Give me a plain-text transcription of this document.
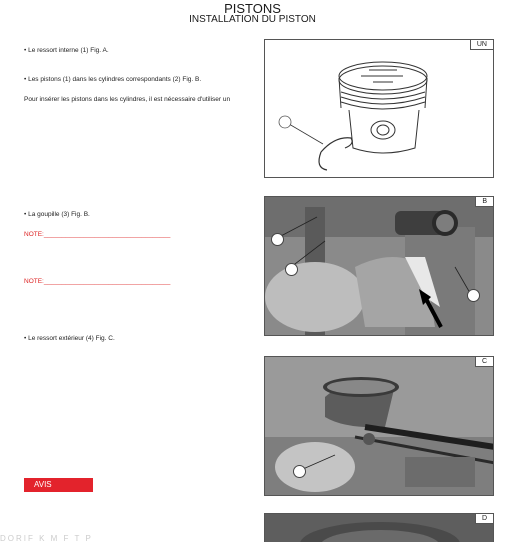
PISTONS
INSTALLATION DU PISTON
• Le ressort interne (1) Fig. A.
• Les pistons (1) dans les cylindres correspondants (2) Fig. B.
Pour insérer les pistons dans les cylindres, il est nécessaire d'utiliser un
• La goupille (3) Fig. B.
NOTE:___________________________________
NOTE:___________________________________
• Le ressort extérieur (4) Fig. C.
AVIS
UN
B
C
D
DORIF K M F T P
